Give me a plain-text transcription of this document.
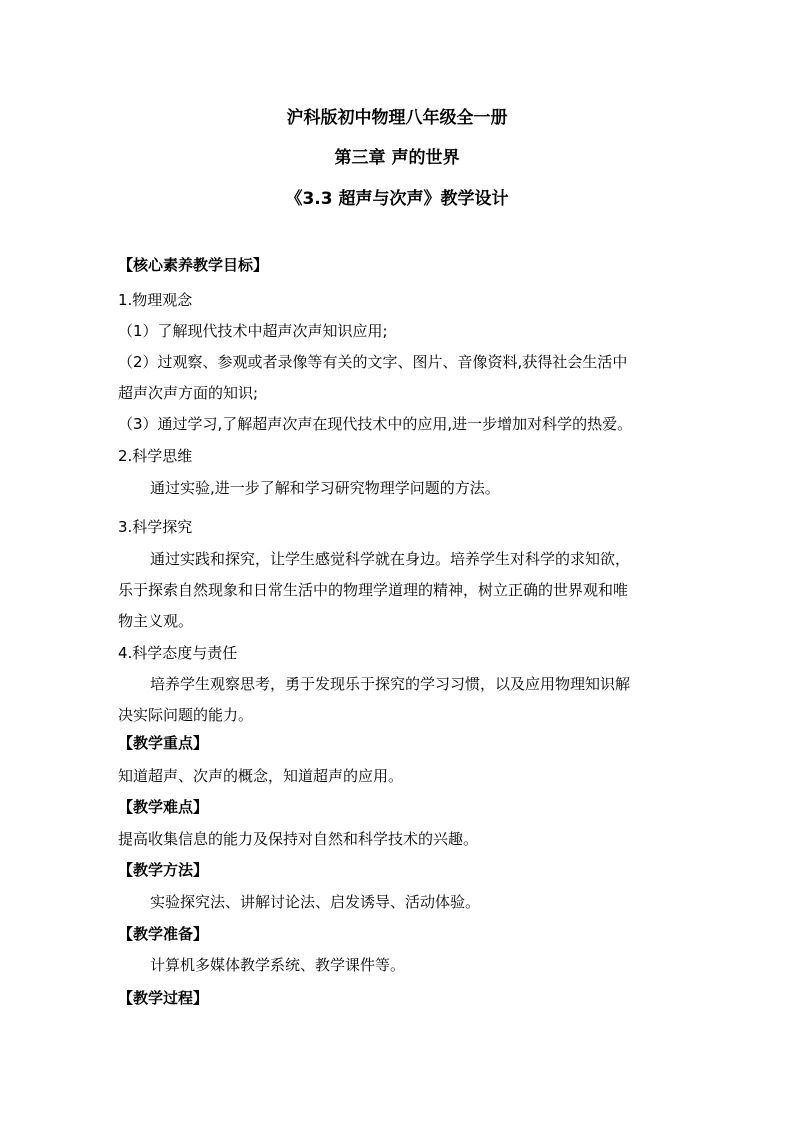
沪科版初中物理八年级全一册
第三章 声的世界
《3.3 超声与次声》教学设计
【核心素养教学目标】
1.物理观念
（1）了解现代技术中超声次声知识应用;
（2）过观察、参观或者录像等有关的文字、图片、音像资料,获得社会生活中
超声次声方面的知识;
（3）通过学习,了解超声次声在现代技术中的应用,进一步增加对科学的热爱。
2.科学思维
通过实验,进一步了解和学习研究物理学问题的方法。
3.科学探究
通过实践和探究，让学生感觉科学就在身边。培养学生对科学的求知欲，
乐于探索自然现象和日常生活中的物理学道理的精神，树立正确的世界观和唯
物主义观。
4.科学态度与责任
培养学生观察思考，勇于发现乐于探究的学习习惯，以及应用物理知识解
决实际问题的能力。
【教学重点】
知道超声、次声的概念，知道超声的应用。
【教学难点】
提高收集信息的能力及保持对自然和科学技术的兴趣。
【教学方法】
实验探究法、讲解讨论法、启发诱导、活动体验。
【教学准备】
计算机多媒体教学系统、教学课件等。
【教学过程】
